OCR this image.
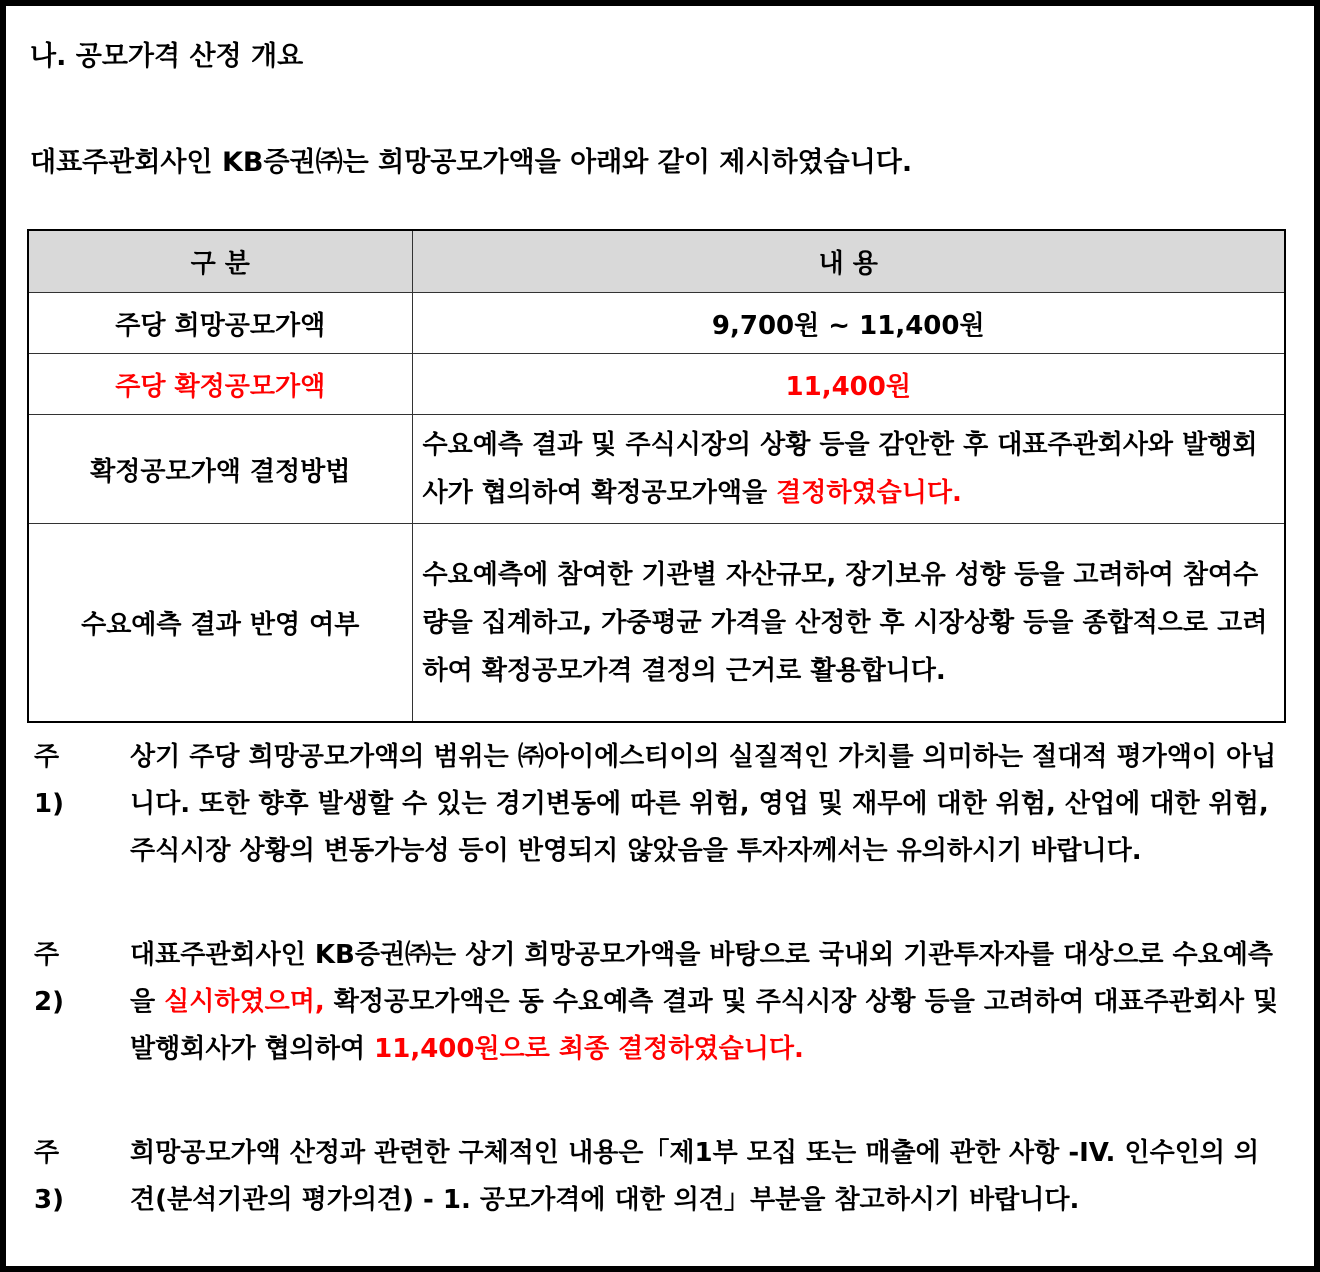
나. 공모가격 산정 개요
대표주관회사인 KB증권㈜는 희망공모가액을 아래와 같이 제시하였습니다.
구 분	내 용
주당 희망공모가액	9,700원 ~ 11,400원
주당 확정공모가액	11,400원
확정공모가액 결정방법	수요예측 결과 및 주식시장의 상황 등을 감안한 후 대표주관회사와 발행회사가 협의하여 확정공모가액을 결정하였습니다.
수요예측 결과 반영 여부	수요예측에 참여한 기관별 자산규모, 장기보유 성향 등을 고려하여 참여수량을 집계하고, 가중평균 가격을 산정한 후 시장상황 등을 종합적으로 고려하여 확정공모가격 결정의 근거로 활용합니다.
주1)
상기 주당 희망공모가액의 범위는 ㈜아이에스티이의 실질적인 가치를 의미하는 절대적 평가액이 아닙니다. 또한 향후 발생할 수 있는 경기변동에 따른 위험, 영업 및 재무에 대한 위험, 산업에 대한 위험, 주식시장 상황의 변동가능성 등이 반영되지 않았음을 투자자께서는 유의하시기 바랍니다.
주2)
대표주관회사인 KB증권㈜는 상기 희망공모가액을 바탕으로 국내외 기관투자자를 대상으로 수요예측을 실시하였으며, 확정공모가액은 동 수요예측 결과 및 주식시장 상황 등을 고려하여 대표주관회사 및 발행회사가 협의하여 11,400원으로 최종 결정하였습니다.
주3)
희망공모가액 산정과 관련한 구체적인 내용은「제1부 모집 또는 매출에 관한 사항 -IV. 인수인의 의견(분석기관의 평가의견) - 1. 공모가격에 대한 의견」부분을 참고하시기 바랍니다.
